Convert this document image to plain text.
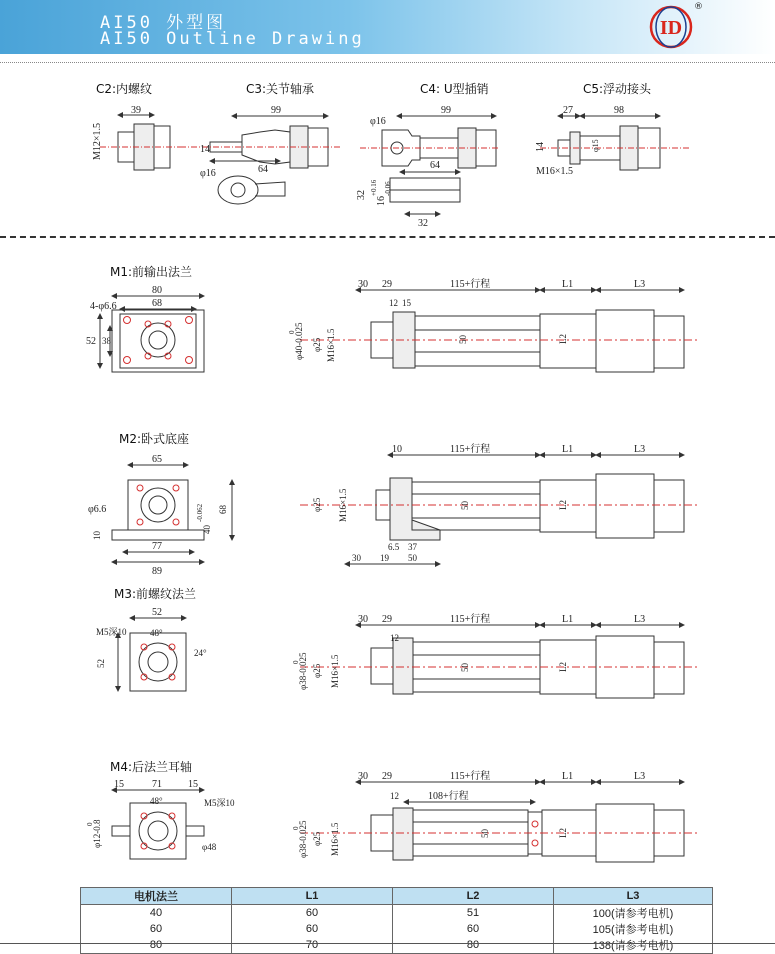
AI50 外型图
AI50 Outline Drawing	ID
®
C2:内螺纹	C3:关节轴承	C4: U型插销	C5:浮动接头
39
M12×1.5
99
14
64
φ16
99
φ16
64
32
16
+0.16 -0.06
32
27	98
14	φ15
M16×1.5
M1:前输出法兰
M2:卧式底座
M3:前螺纹法兰
M4:后法兰耳轴
80
68
4-φ6.6
52 38
30 29	115+行程	L1	L3
12 15
φ40-0.025
0
φ25 M16×1.5	50	L2
65
φ6.6
10
40
-0.062 68
77
89
10	115+行程	L1	L3
φ25 M16×1.5	50	L2
6.5 37
30 19 50
52
M5深10	48°
52
24°
30 29	115+行程	L1	L3
12
φ38-0.025
0
φ25 M16×1.5	50	L2
15	71	15
48°	M5深10
φ12-0.8
0
φ48
30 29	115+行程	L1	L3
12	108+行程
φ38-0.025
0
φ25 M16×1.5	50	L2
电机法兰	L1	L2	L3
40	60	51	100(请参考电机)
60	60	60	105(请参考电机)
80	70	80	138(请参考电机)
